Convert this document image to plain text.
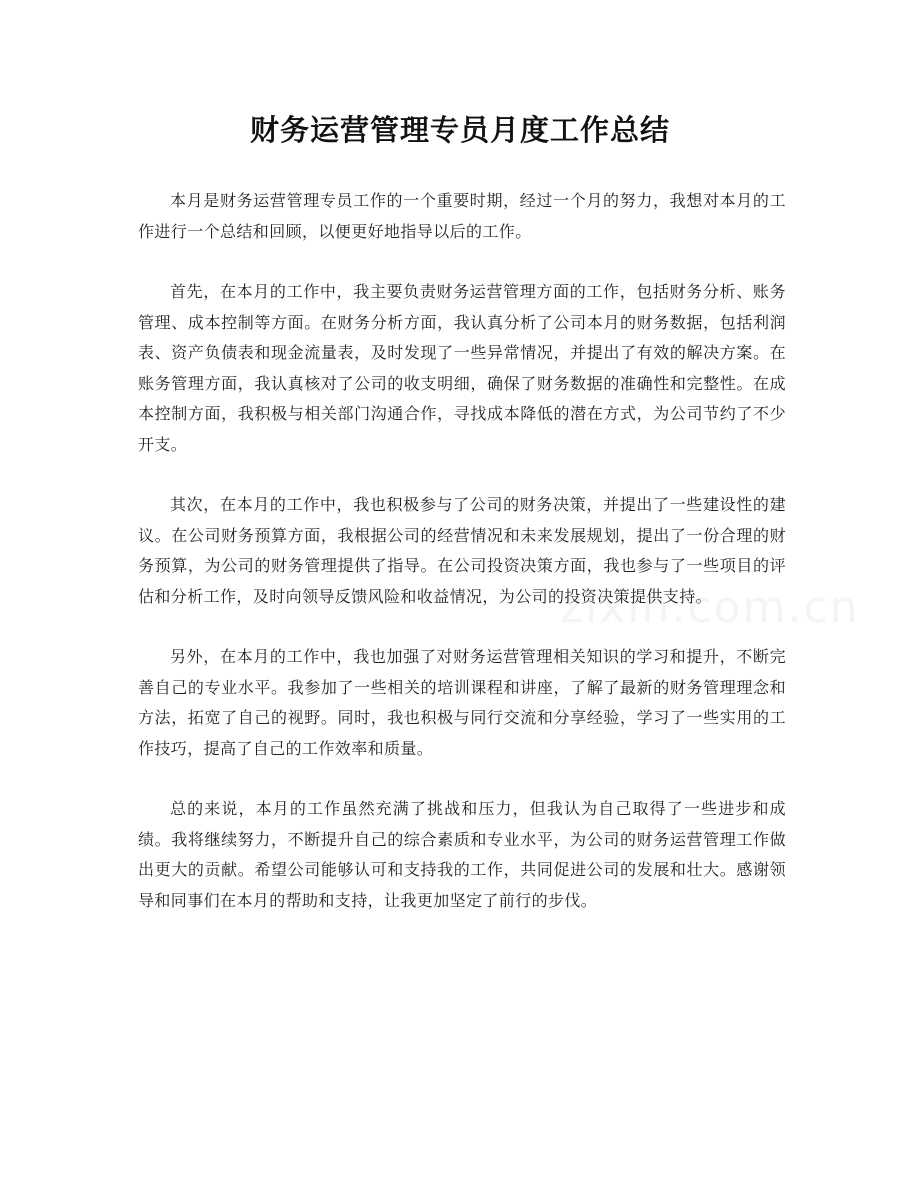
财务运营管理专员月度工作总结
zixin.com.cn

本月是财务运营管理专员工作的一个重要时期，经过一个月的努力，我想对本月的工作进行一个总结和回顾，以便更好地指导以后的工作。

首先，在本月的工作中，我主要负责财务运营管理方面的工作，包括财务分析、账务管理、成本控制等方面。在财务分析方面，我认真分析了公司本月的财务数据，包括利润表、资产负债表和现金流量表，及时发现了一些异常情况，并提出了有效的解决方案。在账务管理方面，我认真核对了公司的收支明细，确保了财务数据的准确性和完整性。在成本控制方面，我积极与相关部门沟通合作，寻找成本降低的潜在方式，为公司节约了不少开支。

其次，在本月的工作中，我也积极参与了公司的财务决策，并提出了一些建设性的建议。在公司财务预算方面，我根据公司的经营情况和未来发展规划，提出了一份合理的财务预算，为公司的财务管理提供了指导。在公司投资决策方面，我也参与了一些项目的评估和分析工作，及时向领导反馈风险和收益情况，为公司的投资决策提供支持。

另外，在本月的工作中，我也加强了对财务运营管理相关知识的学习和提升，不断完善自己的专业水平。我参加了一些相关的培训课程和讲座，了解了最新的财务管理理念和方法，拓宽了自己的视野。同时，我也积极与同行交流和分享经验，学习了一些实用的工作技巧，提高了自己的工作效率和质量。

总的来说，本月的工作虽然充满了挑战和压力，但我认为自己取得了一些进步和成绩。我将继续努力，不断提升自己的综合素质和专业水平，为公司的财务运营管理工作做出更大的贡献。希望公司能够认可和支持我的工作，共同促进公司的发展和壮大。感谢领导和同事们在本月的帮助和支持，让我更加坚定了前行的步伐。
